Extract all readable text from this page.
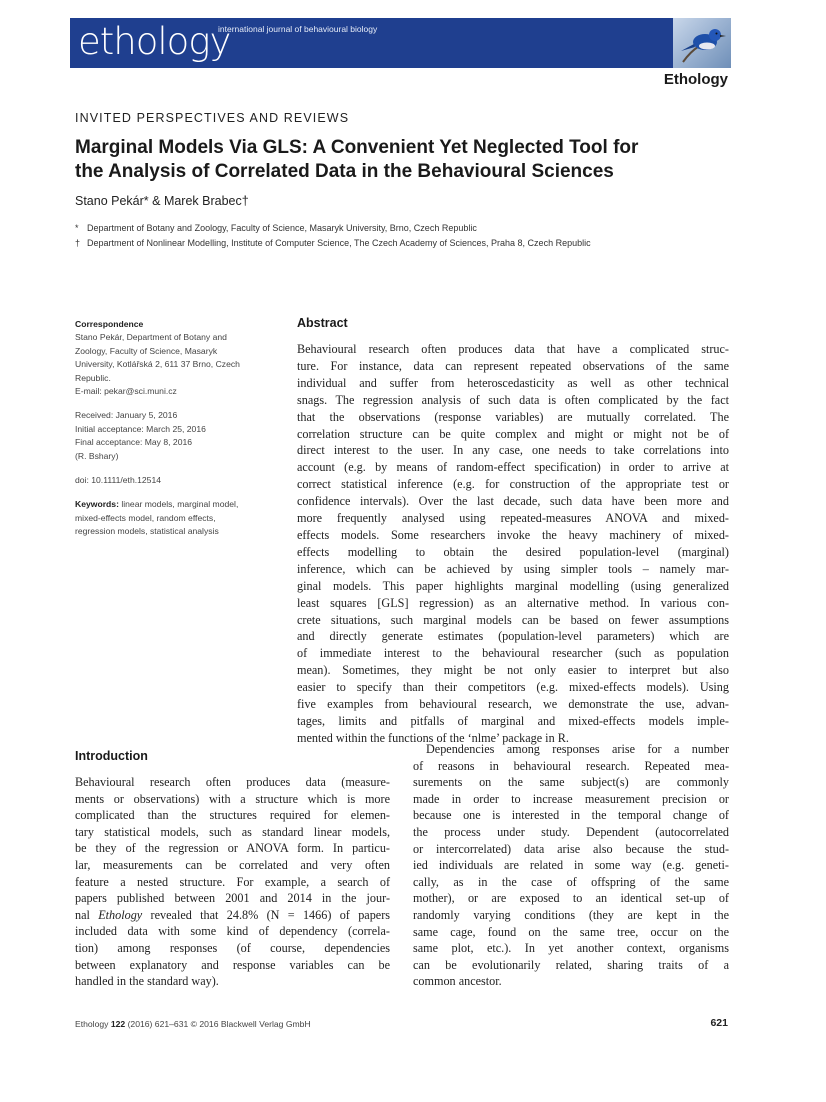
ethology
international journal of behavioural biology
Ethology
INVITED PERSPECTIVES AND REVIEWS
Marginal Models Via GLS: A Convenient Yet Neglected Tool for
the Analysis of Correlated Data in the Behavioural Sciences
Stano Pekár* & Marek Brabec†
* Department of Botany and Zoology, Faculty of Science, Masaryk University, Brno, Czech Republic
† Department of Nonlinear Modelling, Institute of Computer Science, The Czech Academy of Sciences, Praha 8, Czech Republic
Correspondence
Stano Pekár, Department of Botany and
Zoology, Faculty of Science, Masaryk
University, Kotlářská 2, 611 37 Brno, Czech
Republic.
E-mail: pekar@sci.muni.cz
Received: January 5, 2016
Initial acceptance: March 25, 2016
Final acceptance: May 8, 2016
(R. Bshary)
doi: 10.1111/eth.12514
Keywords: linear models, marginal model,
mixed-effects model, random effects,
regression models, statistical analysis
Abstract
Behavioural research often produces data that have a complicated struc-
ture. For instance, data can represent repeated observations of the same
individual and suffer from heteroscedasticity as well as other technical
snags. The regression analysis of such data is often complicated by the fact
that the observations (response variables) are mutually correlated. The
correlation structure can be quite complex and might or might not be of
direct interest to the user. In any case, one needs to take correlations into
account (e.g. by means of random-effect specification) in order to arrive at
correct statistical inference (e.g. for construction of the appropriate test or
confidence intervals). Over the last decade, such data have been more and
more frequently analysed using repeated-measures ANOVA and mixed-
effects models. Some researchers invoke the heavy machinery of mixed-
effects modelling to obtain the desired population-level (marginal)
inference, which can be achieved by using simpler tools – namely mar-
ginal models. This paper highlights marginal modelling (using generalized
least squares [GLS] regression) as an alternative method. In various con-
crete situations, such marginal models can be based on fewer assumptions
and directly generate estimates (population-level parameters) which are
of immediate interest to the behavioural researcher (such as population
mean). Sometimes, they might be not only easier to interpret but also
easier to specify than their competitors (e.g. mixed-effects models). Using
five examples from behavioural research, we demonstrate the use, advan-
tages, limits and pitfalls of marginal and mixed-effects models imple-
mented within the functions of the ‘nlme’ package in R.
Introduction
Behavioural research often produces data (measure-
ments or observations) with a structure which is more
complicated than the structures required for elemen-
tary statistical models, such as standard linear models,
be they of the regression or ANOVA form. In particu-
lar, measurements can be correlated and very often
feature a nested structure. For example, a search of
papers published between 2001 and 2014 in the jour-
nal Ethology revealed that 24.8% (N = 1466) of papers
included data with some kind of dependency (correla-
tion) among responses (of course, dependencies
between explanatory and response variables can be
handled in the standard way).
Dependencies among responses arise for a number
of reasons in behavioural research. Repeated mea-
surements on the same subject(s) are commonly
made in order to increase measurement precision or
because one is interested in the temporal change of
the process under study. Dependent (autocorrelated
or intercorrelated) data arise also because the stud-
ied individuals are related in some way (e.g. geneti-
cally, as in the case of offspring of the same
mother), or are exposed to an identical set-up of
randomly varying conditions (they are kept in the
same cage, found on the same tree, occur on the
same plot, etc.). In yet another context, organisms
can be evolutionarily related, sharing traits of a
common ancestor.
Ethology 122 (2016) 621–631 © 2016 Blackwell Verlag GmbH	621
